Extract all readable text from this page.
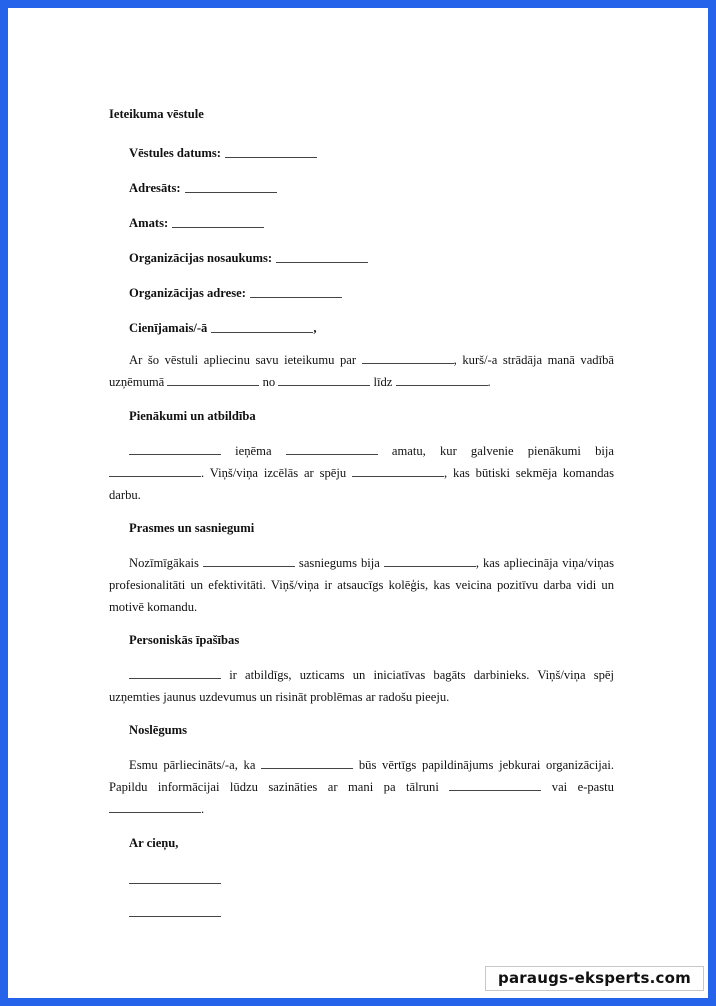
Ieteikuma vēstule

Vēstules datums:
Adresāts:
Amats:
Organizācijas nosaukums:
Organizācijas adrese:
Cienījamais/-ā	,

Ar šo vēstuli apliecinu savu ieteikumu par	, kurš/-a strādāja manā vadībā uzņēmumā	no	līdz	.

Pienākumi un atbildība

ieņēma	amatu, kur galvenie pienākumi bija . Viņš/viņa izcēlās ar spēju	, kas būtiski sekmēja komandas darbu.

Prasmes un sasniegumi

Nozīmīgākais	sasniegums bija	, kas apliecināja viņa/viņas profesionalitāti un efektivitāti. Viņš/viņa ir atsaucīgs kolēģis, kas veicina pozitīvu darba vidi un motivē komandu.

Personiskās īpašības

ir atbildīgs, uzticams un iniciatīvas bagāts darbinieks. Viņš/viņa spēj uzņemties jaunus uzdevumus un risināt problēmas ar radošu pieeju.

Noslēgums

Esmu pārliecināts/-a, ka	būs vērtīgs papildinājums jebkurai organizācijai. Papildu informācijai lūdzu sazināties ar mani pa tālruni	vai e-pastu .

Ar cieņu,

paraugs-eksperts.com
